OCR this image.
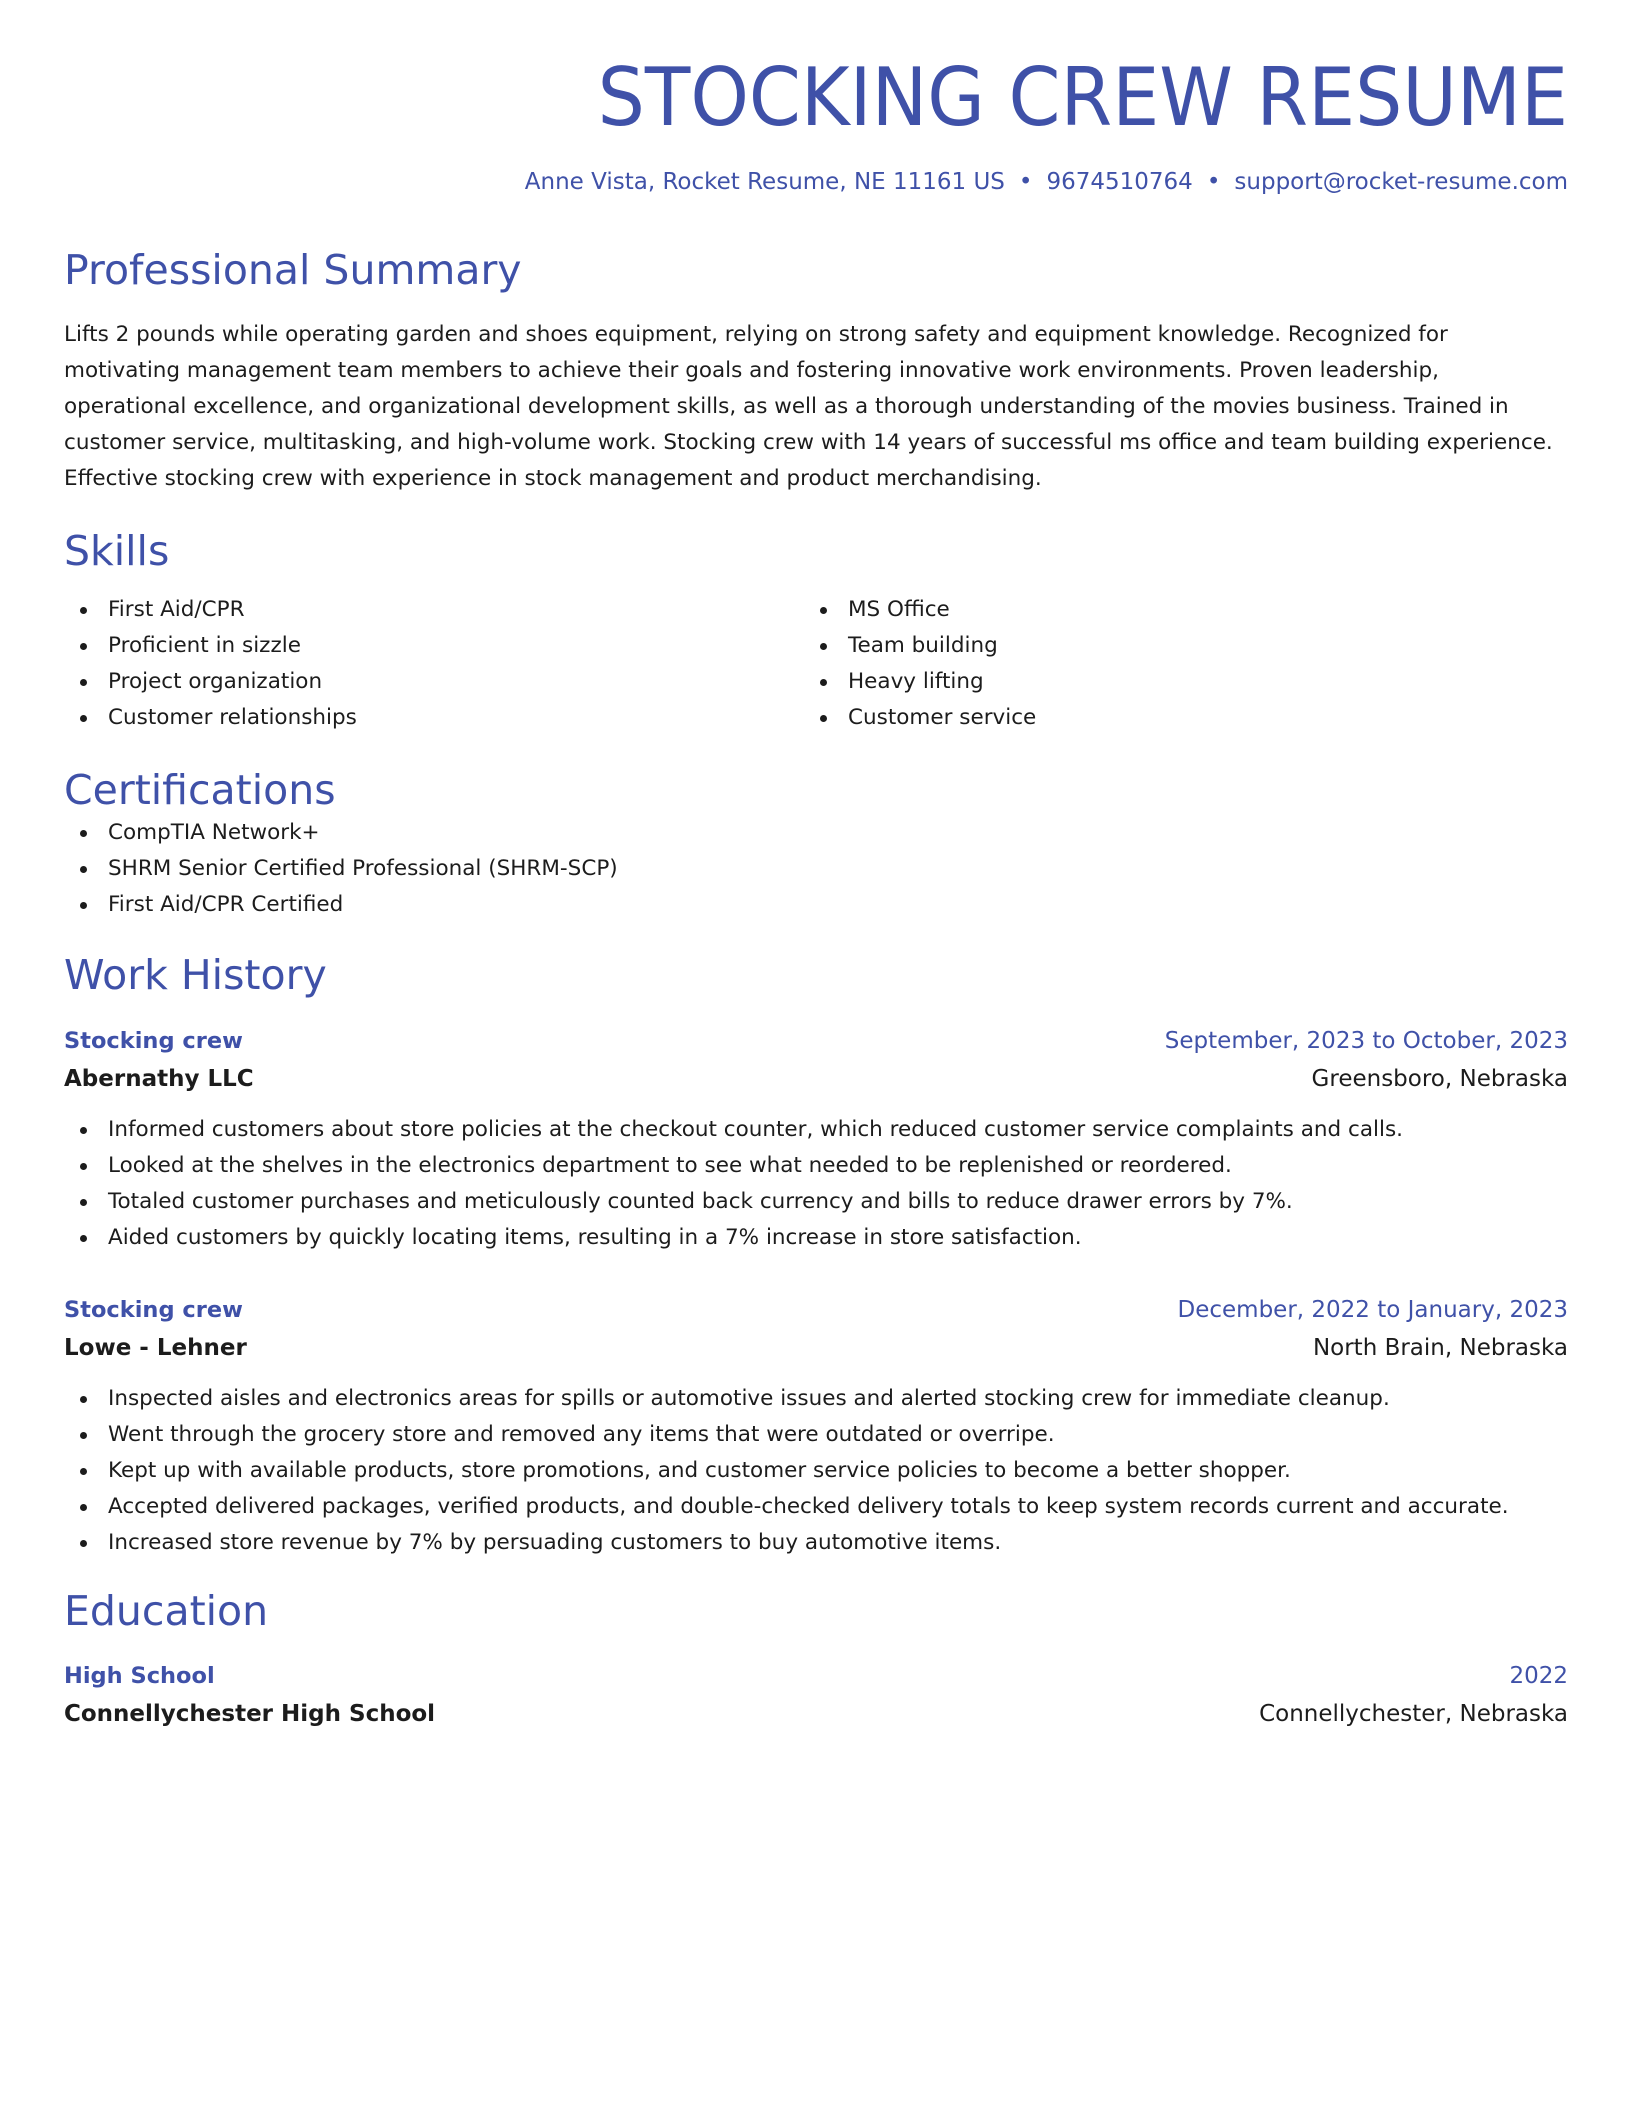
STOCKING CREW RESUME
Anne Vista, Rocket Resume, NE 11161 US • 9674510764 • support@rocket-resume.com
Professional Summary

Lifts 2 pounds while operating garden and shoes equipment, relying on strong safety and equipment knowledge. Recognized for motivating management team members to achieve their goals and fostering innovative work environments. Proven leadership, operational excellence, and organizational development skills, as well as a thorough understanding of the movies business. Trained in customer service, multitasking, and high-volume work. Stocking crew with 14 years of successful ms office and team building experience. Effective stocking crew with experience in stock management and product merchandising.

Skills
First Aid/CPR
Proficient in sizzle
Project organization
Customer relationships
MS Office
Team building
Heavy lifting
Customer service
Certifications
CompTIA Network+
SHRM Senior Certified Professional (SHRM-SCP)
First Aid/CPR Certified
Work History
Stocking crew	September, 2023 to October, 2023
Abernathy LLC	Greensboro, Nebraska
Informed customers about store policies at the checkout counter, which reduced customer service complaints and calls.
Looked at the shelves in the electronics department to see what needed to be replenished or reordered.
Totaled customer purchases and meticulously counted back currency and bills to reduce drawer errors by 7%.
Aided customers by quickly locating items, resulting in a 7% increase in store satisfaction.
Stocking crew	December, 2022 to January, 2023
Lowe - Lehner	North Brain, Nebraska
Inspected aisles and electronics areas for spills or automotive issues and alerted stocking crew for immediate cleanup.
Went through the grocery store and removed any items that were outdated or overripe.
Kept up with available products, store promotions, and customer service policies to become a better shopper.
Accepted delivered packages, verified products, and double-checked delivery totals to keep system records current and accurate.
Increased store revenue by 7% by persuading customers to buy automotive items.
Education
High School	2022
Connellychester High School	Connellychester, Nebraska
